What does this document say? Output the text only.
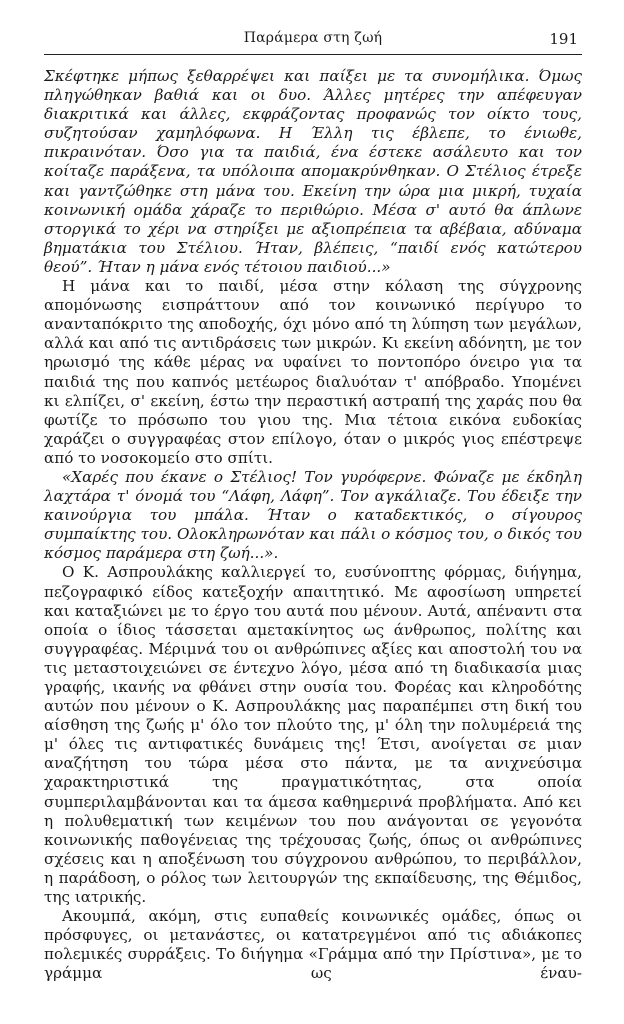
Παράμερα στη ζωή	191

Σκέφτηκε μήπως ξεθαρρέψει και παίξει με τα συνομήλικα. Όμως πληγώθηκαν βαθιά και οι δυο. Άλλες μητέρες την απέφευγαν διακριτικά και άλλες, εκφράζοντας προφανώς τον οίκτο τους, συζητούσαν χαμηλόφωνα. Η Έλλη τις έβλεπε, το ένιωθε, πικραινόταν. Όσο για τα παιδιά, ένα έστεκε ασάλευτο και τον κοίταζε παράξενα, τα υπόλοιπα απομακρύνθηκαν. Ο Στέλιος έτρεξε και γαντζώθηκε στη μάνα του. Εκείνη την ώρα μια μικρή, τυχαία κοινωνική ομάδα χάραζε το περιθώριο. Μέσα σ' αυτό θα άπλωνε στοργικά το χέρι να στηρίξει με αξιοπρέπεια τα αβέβαια, αδύναμα βηματάκια του Στέλιου. Ήταν, βλέπεις, “παιδί ενός κατώτερου θεού”. Ήταν η μάνα ενός τέτοιου παιδιού...»

Η μάνα και το παιδί, μέσα στην κόλαση της σύγχρονης απομόνωσης εισπράττουν από τον κοινωνικό περίγυρο το ανανταπόκριτο της αποδοχής, όχι μόνο από τη λύπηση των μεγάλων, αλλά και από τις αντιδράσεις των μικρών. Κι εκείνη αδόνητη, με τον ηρωισμό της κάθε μέρας να υφαίνει το ποντοπόρο όνειρο για τα παιδιά της που καπνός μετέωρος διαλυόταν τ' απόβραδο. Υπομένει κι ελπίζει, σ' εκείνη, έστω την περαστική αστραπή της χαράς που θα φωτίζε το πρόσωπο του γιου της. Μια τέτοια εικόνα ευδοκίας χαράζει ο συγγραφέας στον επίλογο, όταν ο μικρός γιος επέστρεψε από το νοσοκομείο στο σπίτι.

«Χαρές που έκανε ο Στέλιος! Τον γυρόφερνε. Φώναζε με έκδηλη λαχτάρα τ' όνομά του “Λάφη, Λάφη”. Τον αγκάλιαζε. Του έδειξε την καινούργια του μπάλα. Ήταν ο καταδεκτικός, ο σίγουρος συμπαίκτης του. Ολοκληρωνόταν και πάλι ο κόσμος του, ο δικός του κόσμος παράμερα στη ζωή...».

Ο Κ. Ασπρουλάκης καλλιεργεί το, ευσύνοπτης φόρμας, διήγημα, πεζογραφικό είδος κατεξοχήν απαιτητικό. Με αφοσίωση υπηρετεί και καταξιώνει με το έργο του αυτά που μένουν. Αυτά, απέναντι στα οποία ο ίδιος τάσσεται αμετακίνητος ως άνθρωπος, πολίτης και συγγραφέας. Μέριμνά του οι ανθρώπινες αξίες και αποστολή του να τις μεταστοιχειώνει σε έντεχνο λόγο, μέσα από τη διαδικασία μιας γραφής, ικανής να φθάνει στην ουσία του. Φορέας και κληροδότης αυτών που μένουν ο Κ. Ασπρουλάκης μας παραπέμπει στη δική του αίσθηση της ζωής μ' όλο τον πλούτο της, μ' όλη την πολυμέρειά της μ' όλες τις αντιφατικές δυνάμεις της! Έτσι, ανοίγεται σε μιαν αναζήτηση του τώρα μέσα στο πάντα, με τα ανιχνεύσιμα χαρακτηριστικά της πραγματικότητας, στα οποία συμπεριλαμβάνονται και τα άμεσα καθημερινά προβλήματα. Από κει η πολυθεματική των κειμένων του που ανάγονται σε γεγονότα κοινωνικής παθογένειας της τρέχουσας ζωής, όπως οι ανθρώπινες σχέσεις και η αποξένωση του σύγχρονου ανθρώπου, το περιβάλλον, η παράδοση, ο ρόλος των λειτουργών της εκπαίδευσης, της Θέμιδος, της ιατρικής.

Ακουμπά, ακόμη, στις ευπαθείς κοινωνικές ομάδες, όπως οι πρόσφυγες, οι μετανάστες, οι κατατρεγμένοι από τις αδιάκοπες πολεμικές συρράξεις. Το διήγημα «Γράμμα από την Πρίστινα», με το γράμμα ως έναυ-
